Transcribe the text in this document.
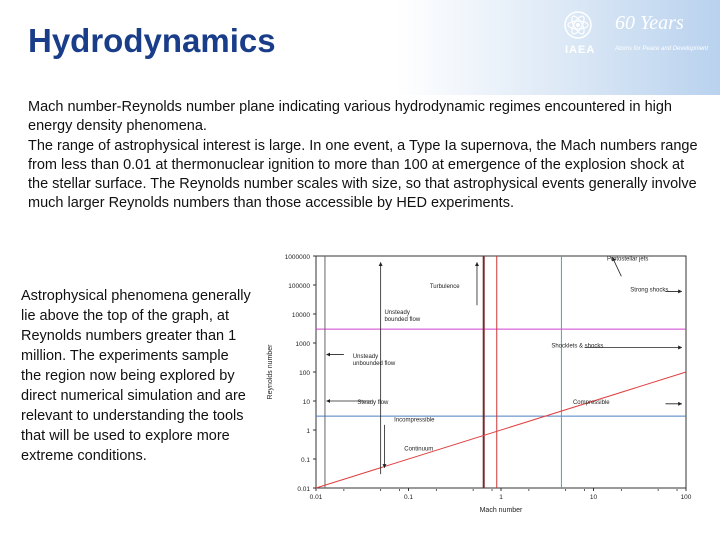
Hydrodynamics	IAEA
60 Years
Atoms for Peace and Development

Mach number-Reynolds number plane indicating various hydrodynamic regimes encountered in high energy density phenomena.

The range of astrophysical interest is large. In one event, a Type Ia supernova, the Mach numbers range from less than 0.01 at thermonuclear ignition to more than 100 at emergence of the explosion shock at the stellar surface. The Reynolds number scales with size, so that astrophysical events generally involve much larger Reynolds numbers than those accessible by HED experiments.

Astrophysical phenomena generally lie above the top of the graph, at Reynolds numbers greater than 1 million. The experiments sample the region now being explored by direct numerical simulation and are relevant to understanding the tools that will be used to explore more extreme conditions.
0.01
0.1
1
10
100
1000
10000
100000
1000000
0.01	0.1	1	10	100
Mach number
Reynolds number
Protostellar jets
Turbulence
Strong shocks
Unsteady bounded flow
Unsteady unbounded flow
Shocklets & shocks
Steady flow	Compressible
Incompressible
Continuum
